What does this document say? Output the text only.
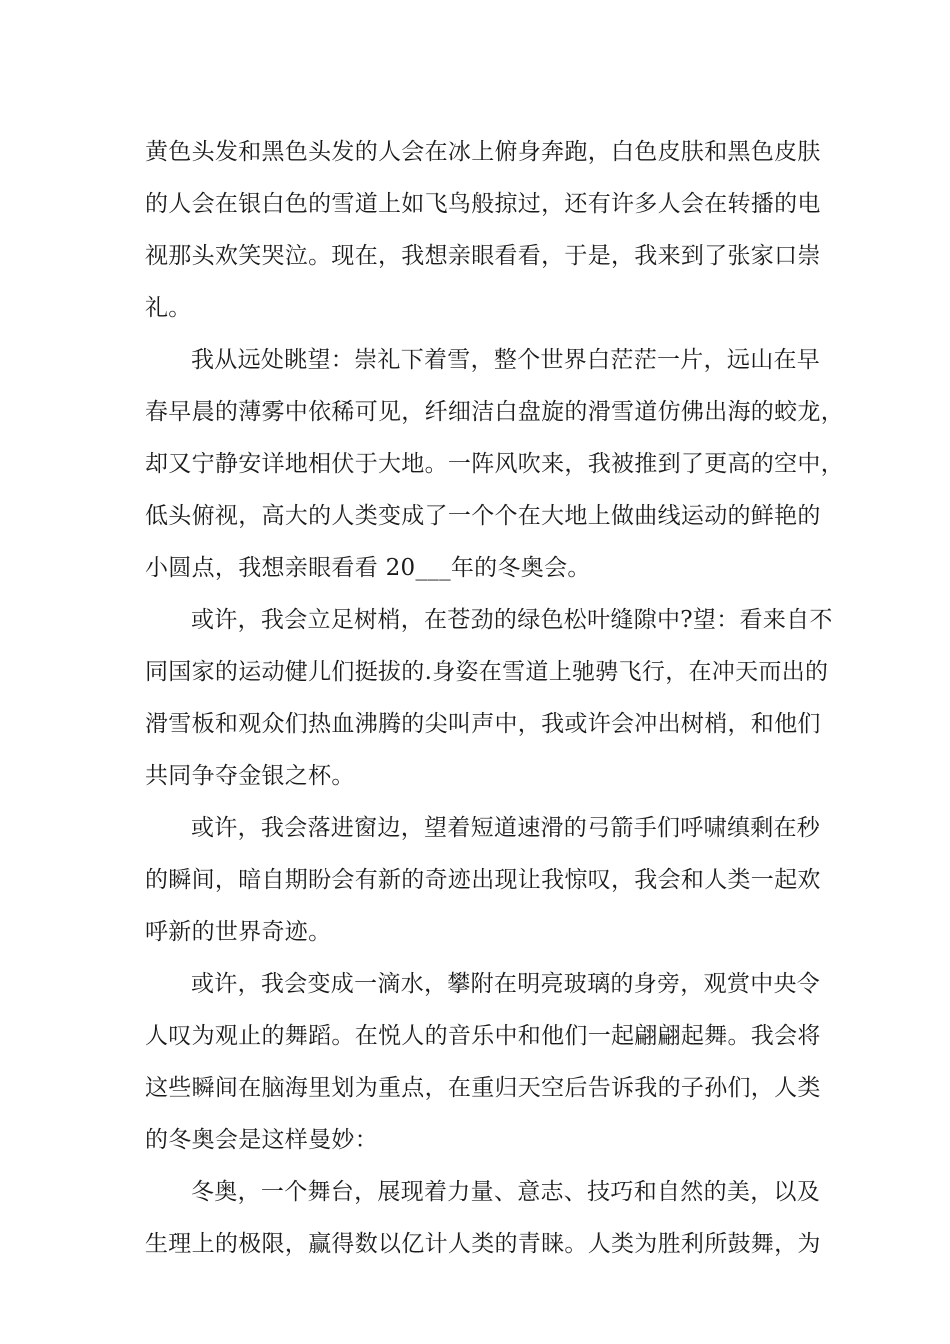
黄色头发和黑色头发的人会在冰上俯身奔跑，白色皮肤和黑色皮肤
的人会在银白色的雪道上如飞鸟般掠过，还有许多人会在转播的电
视那头欢笑哭泣。现在，我想亲眼看看，于是，我来到了张家口崇
礼。

我从远处眺望：崇礼下着雪，整个世界白茫茫一片，远山在早
春早晨的薄雾中依稀可见，纤细洁白盘旋的滑雪道仿佛出海的蛟龙，
却又宁静安详地相伏于大地。一阵风吹来，我被推到了更高的空中，
低头俯视，高大的人类变成了一个个在大地上做曲线运动的鲜艳的
小圆点，我想亲眼看看 20___年的冬奥会。

或许，我会立足树梢，在苍劲的绿色松叶缝隙中?望：看来自不
同国家的运动健儿们挺拔的.身姿在雪道上驰骋飞行，在冲天而出的
滑雪板和观众们热血沸腾的尖叫声中，我或许会冲出树梢，和他们
共同争夺金银之杯。

或许，我会落进窗边，望着短道速滑的弓箭手们呼啸缜剩在秒
的瞬间，暗自期盼会有新的奇迹出现让我惊叹，我会和人类一起欢
呼新的世界奇迹。

或许，我会变成一滴水，攀附在明亮玻璃的身旁，观赏中央令
人叹为观止的舞蹈。在悦人的音乐中和他们一起翩翩起舞。我会将
这些瞬间在脑海里划为重点，在重归天空后告诉我的子孙们，人类
的冬奥会是这样曼妙：

冬奥，一个舞台，展现着力量、意志、技巧和自然的美，以及
生理上的极限，赢得数以亿计人类的青睐。人类为胜利所鼓舞，为
